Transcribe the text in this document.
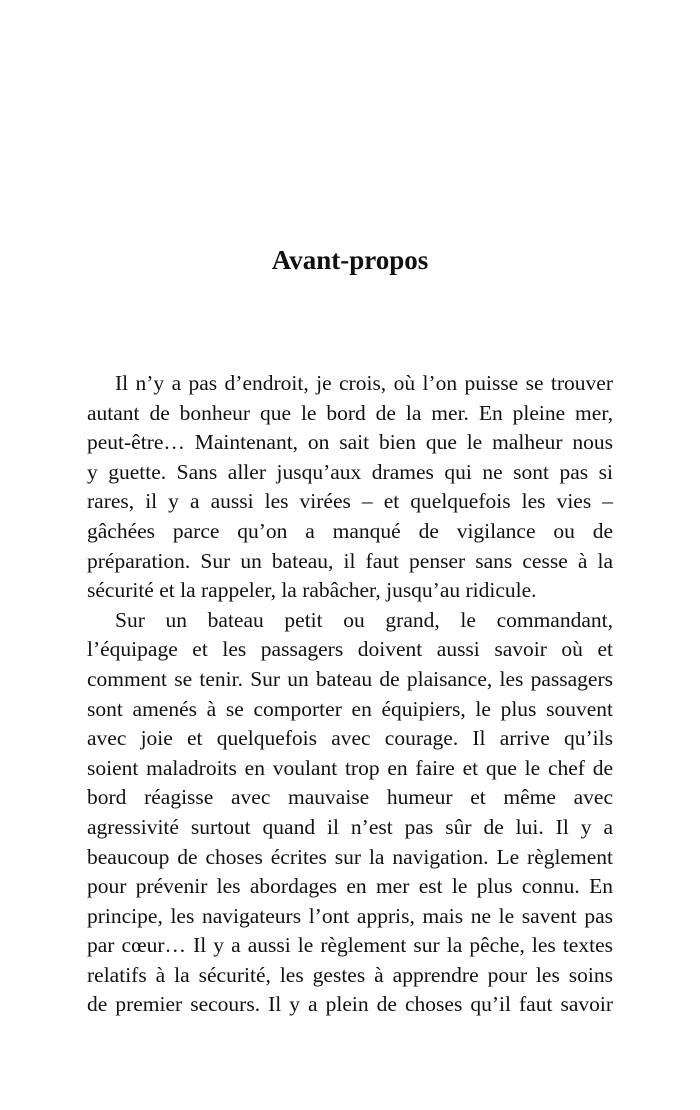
Avant-propos
Il n’y a pas d’endroit, je crois, où l’on puisse se trouver
autant de bonheur que le bord de la mer. En pleine mer,
peut-être… Maintenant, on sait bien que le malheur nous
y guette. Sans aller jusqu’aux drames qui ne sont pas si
rares, il y a aussi les virées – et quelquefois les vies –
gâchées parce qu’on a manqué de vigilance ou de
préparation. Sur un bateau, il faut penser sans cesse à la
sécurité et la rappeler, la rabâcher, jusqu’au ridicule.
Sur un bateau petit ou grand, le commandant,
l’équipage et les passagers doivent aussi savoir où et
comment se tenir. Sur un bateau de plaisance, les passagers
sont amenés à se comporter en équipiers, le plus souvent
avec joie et quelquefois avec courage. Il arrive qu’ils
soient maladroits en voulant trop en faire et que le chef de
bord réagisse avec mauvaise humeur et même avec
agressivité surtout quand il n’est pas sûr de lui. Il y a
beaucoup de choses écrites sur la navigation. Le règlement
pour prévenir les abordages en mer est le plus connu. En
principe, les navigateurs l’ont appris, mais ne le savent pas
par cœur… Il y a aussi le règlement sur la pêche, les textes
relatifs à la sécurité, les gestes à apprendre pour les soins
de premier secours. Il y a plein de choses qu’il faut savoir
